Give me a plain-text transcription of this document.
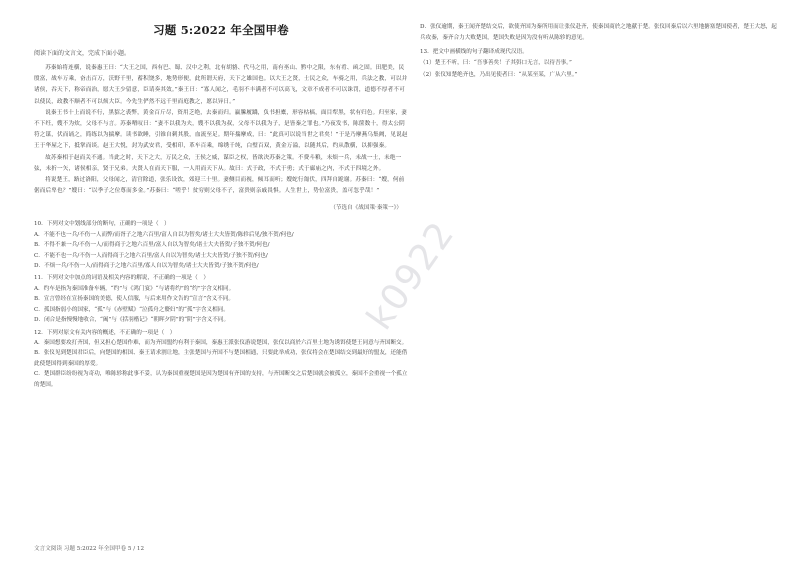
习题 5:2022 年全国甲卷
阅读下面的文言文，完成下面小题。

苏秦始将连横，说秦惠王曰：“大王之国，西有巴、蜀、汉中之利，北有胡貉、代马之用，南有巫山、黔中之限，东有肴、函之固。田肥美，民殷富，战车万乘，奋击百万，沃野千里，蓄积饶多，地势形便，此所谓天府，天下之雄国也。以大王之贤，士民之众，车骑之用，兵法之教，可以并诸侯，吞天下，称帝而治，愿大王少留意，臣请奏其效。”秦王曰：“寡人闻之，毛羽不丰满者不可以高飞，文章不成者不可以诛罚，道德不厚者不可以使民，政教不顺者不可以烦大臣。今先生俨然不远千里而庭教之，愿以异日。”

说秦王书十上而说不行，黑貂之裘弊，黄金百斤尽，资用乏绝，去秦而归。赢縢履蹻，负书担橐，形容枯槁，面目犁黑，状有归色。归至家，妻不下纴，嫂不为炊，父母不与言。苏秦喟叹曰：“妻不以我为夫，嫂不以我为叔，父母不以我为子，是皆秦之罪也。”乃夜发书，陈箧数十，得太公阴符之谋，伏而诵之，简练以为揣摩。读书欲睡，引锥自刺其股，血流至足。期年揣摩成，曰：“此真可以说当世之君矣！”于是乃摩燕乌集阙，见说赵王于华屋之下，抵掌而谈。赵王大悦，封为武安君，受相印，革车百乘，绵绣千纯，白璧百双，黄金万溢，以随其后，约从散横，以抑强秦。

故苏秦相于赵而关不通。当此之时，天下之大，万民之众，王侯之威，谋臣之权，皆欲决苏秦之策。不费斗粮，未烦一兵，未战一士，未绝一弦，未折一矢，诸侯相亲，贤于兄弟。夫贤人在而天下服，一人用而天下从。故曰：式于政，不式于勇；式于廊庙之内，不式于四境之外。

将说楚王，路过洛阳，父母闻之，清宫除道，张乐设饮，郊迎三十里。妻侧目而视，倾耳而听；嫂蛇行匍伏，四拜自跪谢。苏秦曰：“嫂，何前倨而后卑也？”嫂曰：“以季子之位尊而多金。”苏秦曰：“嗟乎！贫穷则父母不子，富贵则亲戚畏惧。人生世上，势位富贵，盖可忽乎哉！”

（节选自《战国策·秦策一》）
10．下列对文中划线部分的断句，正确的一项是（　）
A．不能不也一兵/不伤一人而弊/而胥子之地六百里/富人自以为智矣/诸士大夫皆贺/陈轸后见/独不贺/何也/
B．不得不兼一兵/不伤一人/而得商于之地六百里/富人自以为智矣/诸士大夫皆贺/子独不贺/何也/
C．不能不也一兵/不伤一人而得商于之地六百里/富人自以为智矣/诸士大夫皆贺/子独不贺/何也/
D．不烦一兵/不伤一人/而得商于之地六百里/寡人自以为智矣/诸士大夫皆贺/子独不贺/何也/
11．下列对文中加点的词语及相关内容的解说，不正确的一项是（　）
A．约车是指为秦国准备车辆，“约”与《鸿门宴》“与诸将约”的“约”字含义相同。
B．宣言曾经在宣扬秦国的美德，使人信服，与后来用作文告的“宣言”含义不同。
C．孤国指弱小的国家，“孤”与《赤壁赋》“泣孤舟之嫠妇”的“孤”字含义相同。
D．闭合是指慢慢地收合，“阖”与《括羽楷记》“朝晖夕阴”的“阴”字含义不同。
12．下列对原文有关内容的概述，不正确的一项是（　）
A．秦国想要攻打齐国，但又担心楚国作难，而为齐国盟约有利于秦国，秦惠王派张仪游说楚国，张仪以商於六百里土地为诱饵使楚王同意与齐国断交。
B．张仪见到楚国君臣后，向楚国的相国、秦王请求割让地，主张楚国与齐国不与楚国相通，只要此举成功，张仪将会在楚国结交到最好的盟友，还能借此使楚国得到秦国的厚爱。
C．楚国群臣纷纷视为奇功，唯陈轸称此事不妥，认为秦国重视楚国是因为楚国有齐国的支持，与齐国断交之后楚国就会被孤立，秦国不会重视一个孤立的楚国。
D．张仪逾期，秦王闻齐楚结交后，欲使齐国为秦所用而让张仪赴齐，使秦国商於之地献于楚。张仪回秦后以六里地搪塞楚国使者，楚王大怒，起兵攻秦，秦齐合力大败楚国，楚国失败是因为没有听从陈轸的意见。
13．把文中画横线的句子翻译成现代汉语。
（1）楚王不听，曰：“吾事善矣！子其弭口无言，以待吾事。”
（2）张仪知楚绝齐也，乃出见使者曰：“从某至某，广从六里。”
k0922
文言文阅读 习题 5:2022 年全国甲卷 5 / 12
